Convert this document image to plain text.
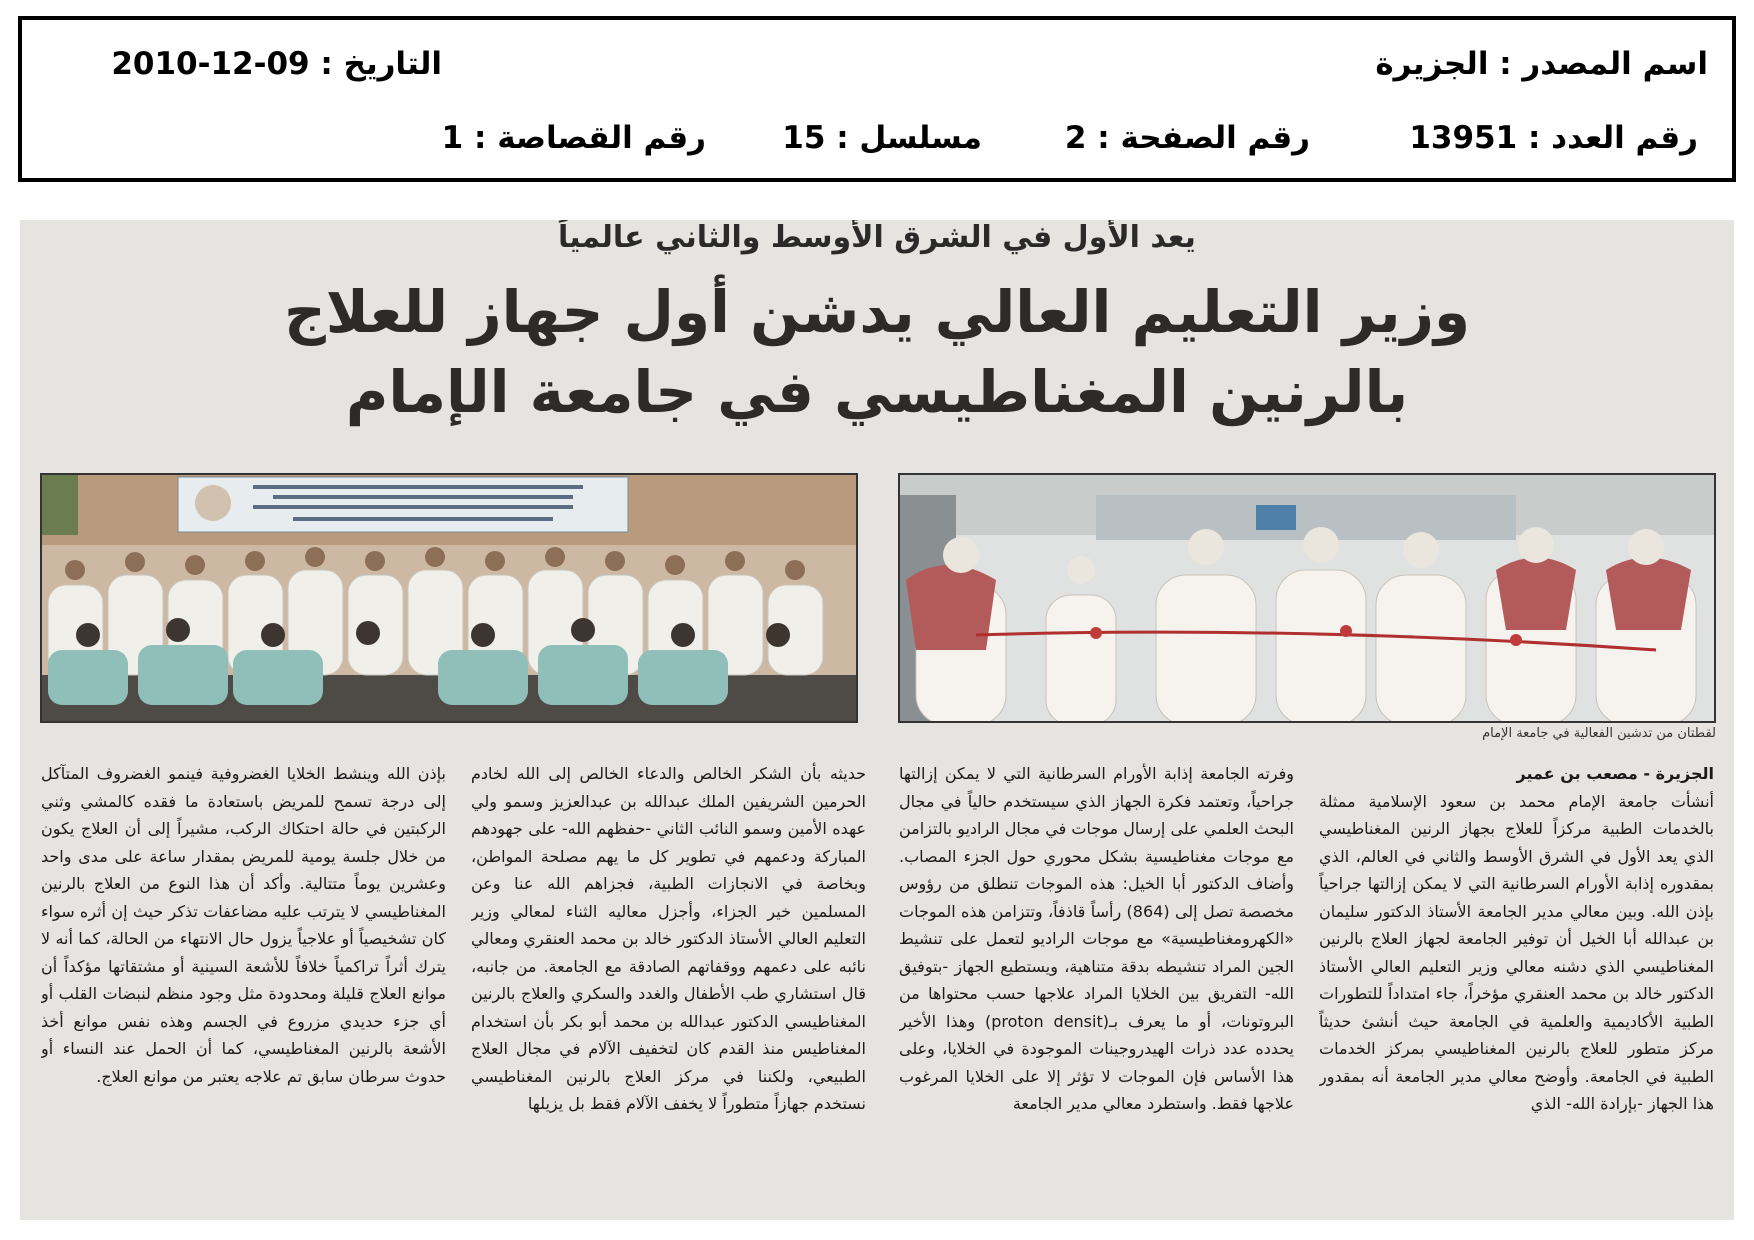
اسم المصدر : الجزيرة
التاريخ : 09-12-2010
رقم العدد : 13951
رقم الصفحة : 2
مسلسل : 15
رقم القصاصة : 1
يعد الأول في الشرق الأوسط والثاني عالمياً
وزير التعليم العالي يدشن أول جهاز للعلاج
بالرنين المغناطيسي في جامعة الإمام
لقطتان من تدشين الفعالية في جامعة الإمام

الجزيرة - مصعب بن عمير

أنشأت جامعة الإمام محمد بن سعود الإسلامية ممثلة بالخدمات الطبية مركزاً للعلاج بجهاز الرنين المغناطيسي الذي يعد الأول في الشرق الأوسط والثاني في العالم، الذي بمقدوره إذابة الأورام السرطانية التي لا يمكن إزالتها جراحياً بإذن الله. وبين معالي مدير الجامعة الأستاذ الدكتور سليمان بن عبدالله أبا الخيل أن توفير الجامعة لجهاز العلاج بالرنين المغناطيسي الذي دشنه معالي وزير التعليم العالي الأستاذ الدكتور خالد بن محمد العنقري مؤخراً، جاء امتداداً للتطورات الطبية الأكاديمية والعلمية في الجامعة حيث أنشئ حديثاً مركز متطور للعلاج بالرنين المغناطيسي بمركز الخدمات الطبية في الجامعة. وأوضح معالي مدير الجامعة أنه بمقدور هذا الجهاز -بإرادة الله- الذي

وفرته الجامعة إذابة الأورام السرطانية التي لا يمكن إزالتها جراحياً، وتعتمد فكرة الجهاز الذي سيستخدم حالياً في مجال البحث العلمي على إرسال موجات في مجال الراديو بالتزامن مع موجات مغناطيسية بشكل محوري حول الجزء المصاب. وأضاف الدكتور أبا الخيل: هذه الموجات تنطلق من رؤوس مخصصة تصل إلى (864) رأساً قاذفاً، وتتزامن هذه الموجات «الكهرومغناطيسية» مع موجات الراديو لتعمل على تنشيط الجين المراد تنشيطه بدقة متناهية، ويستطيع الجهاز -بتوفيق الله- التفريق بين الخلايا المراد علاجها حسب محتواها من البروتونات، أو ما يعرف بـ(proton densit) وهذا الأخير يحدده عدد ذرات الهيدروجينات الموجودة في الخلايا، وعلى هذا الأساس فإن الموجات لا تؤثر إلا على الخلايا المرغوب علاجها فقط. واستطرد معالي مدير الجامعة

حديثه بأن الشكر الخالص والدعاء الخالص إلى الله لخادم الحرمين الشريفين الملك عبدالله بن عبدالعزيز وسمو ولي عهده الأمين وسمو النائب الثاني -حفظهم الله- على جهودهم المباركة ودعمهم في تطوير كل ما يهم مصلحة المواطن، وبخاصة في الانجازات الطبية، فجزاهم الله عنا وعن المسلمين خير الجزاء، وأجزل معاليه الثناء لمعالي وزير التعليم العالي الأستاذ الدكتور خالد بن محمد العنقري ومعالي نائبه على دعمهم ووقفاتهم الصادقة مع الجامعة. من جانبه، قال استشاري طب الأطفال والغدد والسكري والعلاج بالرنين المغناطيسي الدكتور عبدالله بن محمد أبو بكر بأن استخدام المغناطيس منذ القدم كان لتخفيف الآلام في مجال العلاج الطبيعي، ولكننا في مركز العلاج بالرنين المغناطيسي نستخدم جهازاً متطوراً لا يخفف الآلام فقط بل يزيلها

بإذن الله وينشط الخلايا الغضروفية فينمو الغضروف المتآكل إلى درجة تسمح للمريض باستعادة ما فقده كالمشي وثني الركبتين في حالة احتكاك الركب، مشيراً إلى أن العلاج يكون من خلال جلسة يومية للمريض بمقدار ساعة على مدى واحد وعشرين يوماً متتالية. وأكد أن هذا النوع من العلاج بالرنين المغناطيسي لا يترتب عليه مضاعفات تذكر حيث إن أثره سواء كان تشخيصياً أو علاجياً يزول حال الانتهاء من الحالة، كما أنه لا يترك أثراً تراكمياً خلافاً للأشعة السينية أو مشتقاتها مؤكداً أن موانع العلاج قليلة ومحدودة مثل وجود منظم لنبضات القلب أو أي جزء حديدي مزروع في الجسم وهذه نفس موانع أخذ الأشعة بالرنين المغناطيسي، كما أن الحمل عند النساء أو حدوث سرطان سابق تم علاجه يعتبر من موانع العلاج.
